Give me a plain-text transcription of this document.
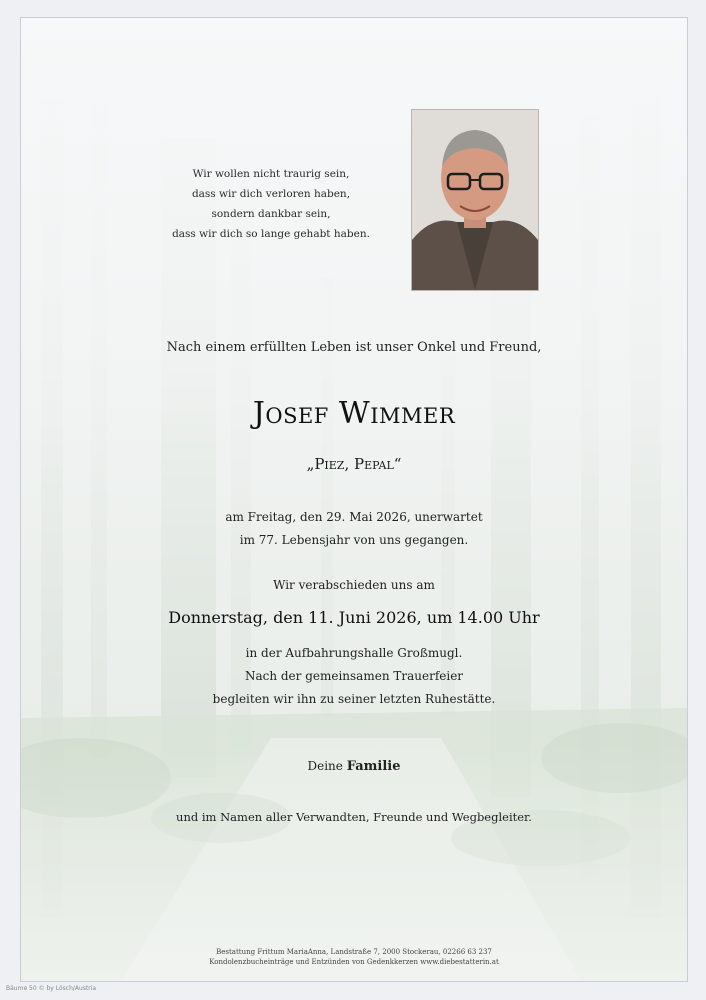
Wir wollen nicht traurig sein,
dass wir dich verloren haben,
sondern dankbar sein,
dass wir dich so lange gehabt haben.
Nach einem erfüllten Leben ist unser Onkel und Freund,
Josef Wimmer
„Piez, Pepal“
am Freitag, den 29. Mai 2026, unerwartet
im 77. Lebensjahr von uns gegangen.
Wir verabschieden uns am
Donnerstag, den 11. Juni 2026, um 14.00 Uhr
in der Aufbahrungshalle Großmugl.
Nach der gemeinsamen Trauerfeier
begleiten wir ihn zu seiner letzten Ruhestätte.
Deine Familie
und im Namen aller Verwandten, Freunde und Wegbegleiter.
Bestattung Frittum MariaAnna, Landstraße 7, 2000 Stockerau, 02266 63 237
Kondolenzbucheinträge und Entzünden von Gedenkkerzen www.diebestatterin.at
Bäume 50 © by Lösch/Austria
